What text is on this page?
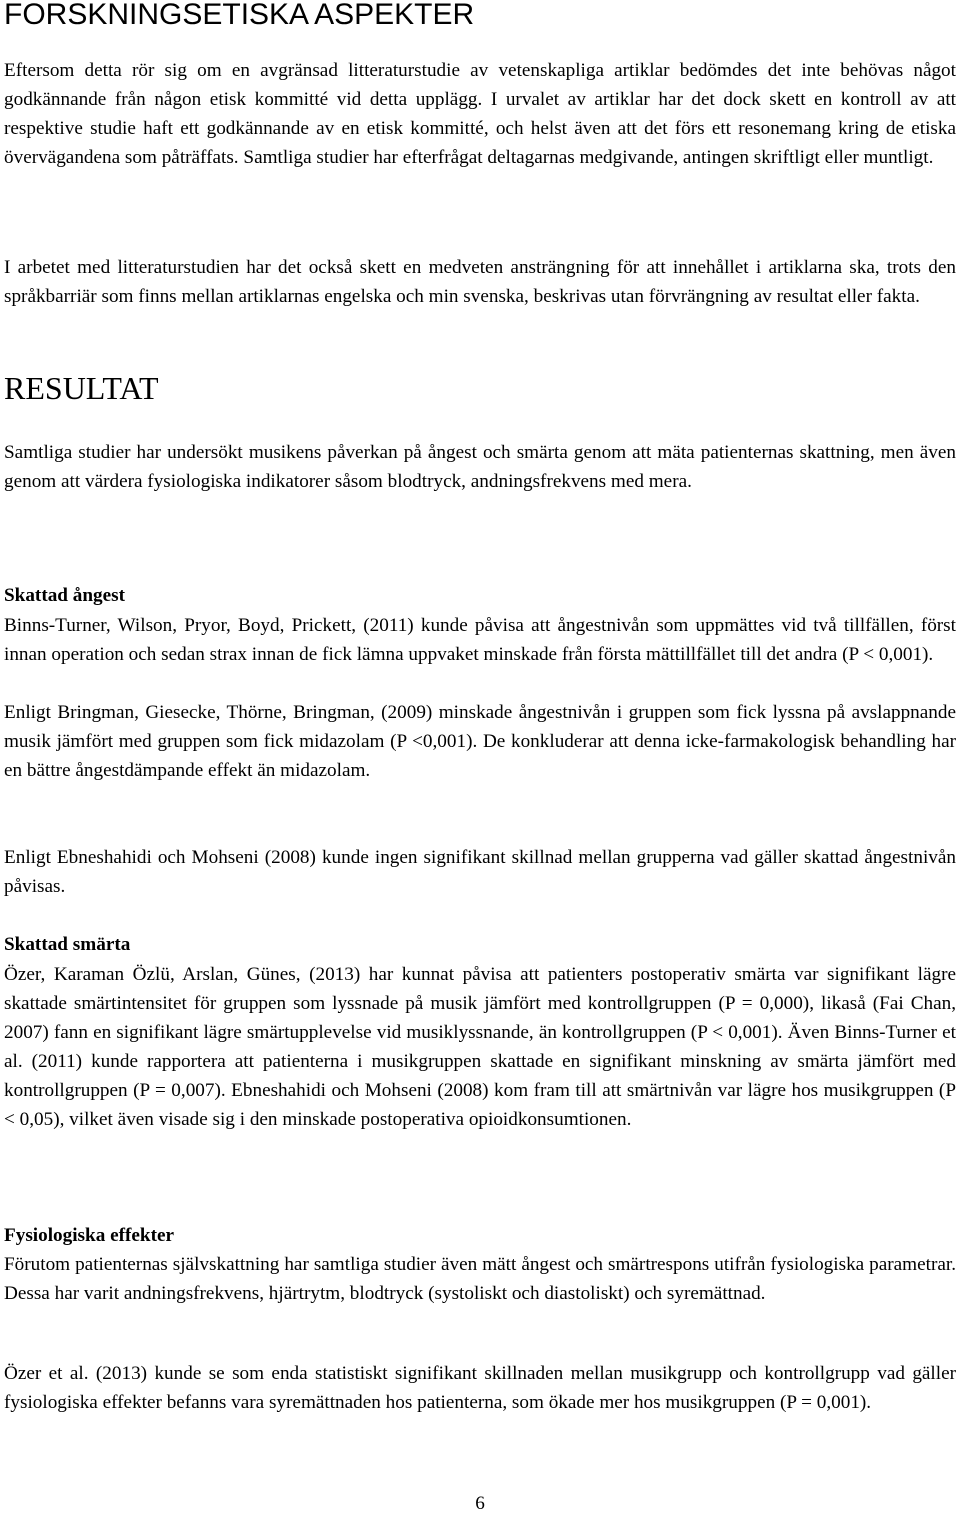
FORSKNINGSETISKA ASPEKTER

Eftersom detta rör sig om en avgränsad litteraturstudie av vetenskapliga artiklar bedömdes det inte behövas något godkännande från någon etisk kommitté vid detta upplägg. I urvalet av artiklar har det dock skett en kontroll av att respektive studie haft ett godkännande av en etisk kommitté, och helst även att det förs ett resonemang kring de etiska övervägandena som påträffats. Samtliga studier har efterfrågat deltagarnas medgivande, antingen skriftligt eller muntligt.

I arbetet med litteraturstudien har det också skett en medveten ansträngning för att innehållet i artiklarna ska, trots den språkbarriär som finns mellan artiklarnas engelska och min svenska, beskrivas utan förvrängning av resultat eller fakta.

RESULTAT

Samtliga studier har undersökt musikens påverkan på ångest och smärta genom att mäta patienternas skattning, men även genom att värdera fysiologiska indikatorer såsom blodtryck, andningsfrekvens med mera.

Skattad ångest

Binns-Turner, Wilson, Pryor, Boyd, Prickett, (2011) kunde påvisa att ångestnivån som uppmättes vid två tillfällen, först innan operation och sedan strax innan de fick lämna uppvaket minskade från första mättillfället till det andra (P < 0,001).

Enligt Bringman, Giesecke, Thörne, Bringman, (2009) minskade ångestnivån i gruppen som fick lyssna på avslappnande musik jämfört med gruppen som fick midazolam (P <0,001). De konkluderar att denna icke-farmakologisk behandling har en bättre ångestdämpande effekt än midazolam.

Enligt Ebneshahidi och Mohseni (2008) kunde ingen signifikant skillnad mellan grupperna vad gäller skattad ångestnivån påvisas.

Skattad smärta

Özer, Karaman Özlü, Arslan, Günes, (2013) har kunnat påvisa att patienters postoperativ smärta var signifikant lägre skattade smärtintensitet för gruppen som lyssnade på musik jämfört med kontrollgruppen (P = 0,000), likaså (Fai Chan, 2007) fann en signifikant lägre smärtupplevelse vid musiklyssnande, än kontrollgruppen (P < 0,001). Även Binns-Turner et al. (2011) kunde rapportera att patienterna i musikgruppen skattade en signifikant minskning av smärta jämfört med kontrollgruppen (P = 0,007). Ebneshahidi och Mohseni (2008) kom fram till att smärtnivån var lägre hos musikgruppen (P < 0,05), vilket även visade sig i den minskade postoperativa opioidkonsumtionen.

Fysiologiska effekter

Förutom patienternas självskattning har samtliga studier även mätt ångest och smärtrespons utifrån fysiologiska parametrar. Dessa har varit andningsfrekvens, hjärtrytm, blodtryck (systoliskt och diastoliskt) och syremättnad.

Özer et al. (2013) kunde se som enda statistiskt signifikant skillnaden mellan musikgrupp och kontrollgrupp vad gäller fysiologiska effekter befanns vara syremättnaden hos patienterna, som ökade mer hos musikgruppen (P = 0,001).

6
